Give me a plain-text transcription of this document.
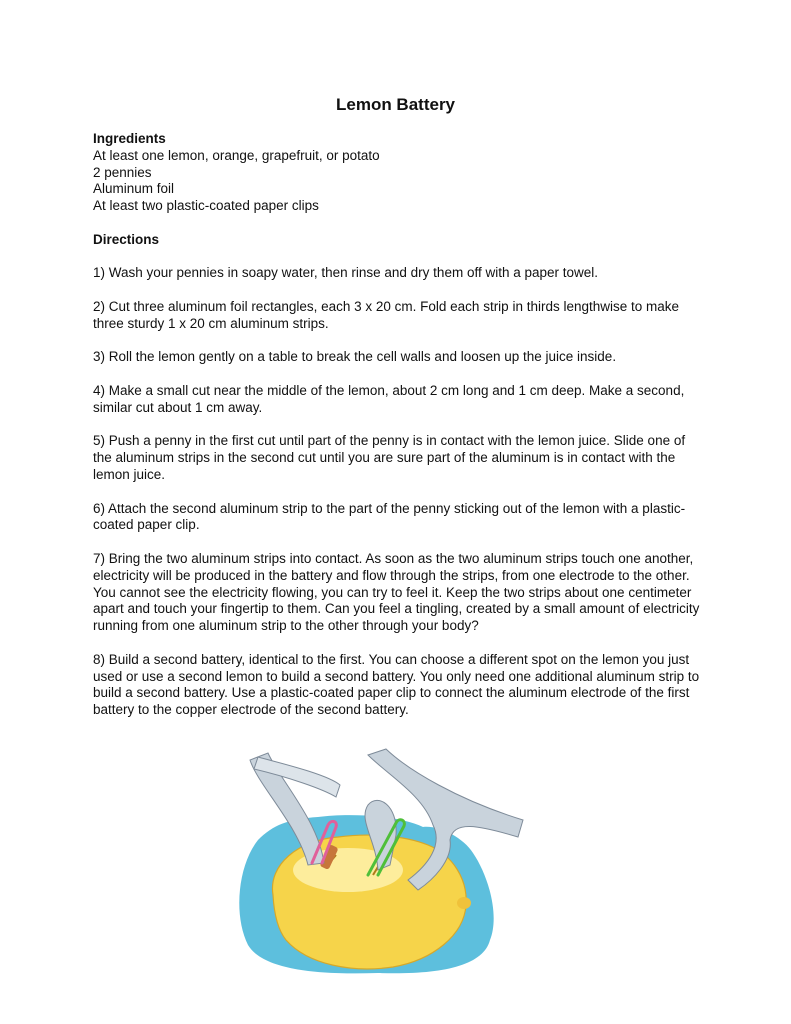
Lemon Battery

Ingredients

At least one lemon, orange, grapefruit, or potato
2 pennies
Aluminum foil
At least two plastic-coated paper clips

Directions

1) Wash your pennies in soapy water, then rinse and dry them off with a paper towel.

2) Cut three aluminum foil rectangles, each 3 x 20 cm. Fold each strip in thirds lengthwise to make three sturdy 1 x 20 cm aluminum strips.

3) Roll the lemon gently on a table to break the cell walls and loosen up the juice inside.

4) Make a small cut near the middle of the lemon, about 2 cm long and 1 cm deep. Make a second, similar cut about 1 cm away.

5) Push a penny in the first cut until part of the penny is in contact with the lemon juice. Slide one of the aluminum strips in the second cut until you are sure part of the aluminum is in contact with the lemon juice.

6) Attach the second aluminum strip to the part of the penny sticking out of the lemon with a plastic-coated paper clip.

7) Bring the two aluminum strips into contact. As soon as the two aluminum strips touch one another, electricity will be produced in the battery and flow through the strips, from one electrode to the other. You cannot see the electricity flowing, you can try to feel it. Keep the two strips about one centimeter apart and touch your fingertip to them. Can you feel a tingling, created by a small amount of electricity running from one aluminum strip to the other through your body?

8) Build a second battery, identical to the first. You can choose a different spot on the lemon you just used or use a second lemon to build a second battery. You only need one additional aluminum strip to build a second battery. Use a plastic-coated paper clip to connect the aluminum electrode of the first battery to the copper electrode of the second battery.
